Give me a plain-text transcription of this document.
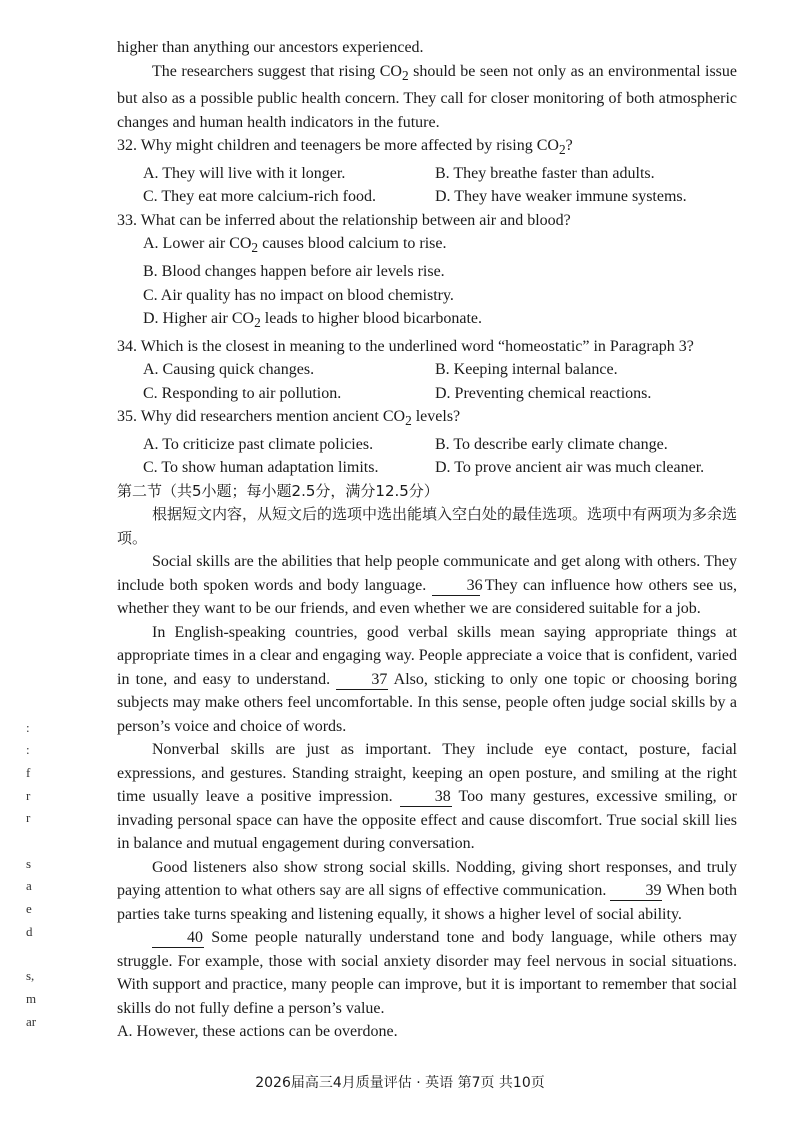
higher than anything our ancestors experienced.

The researchers suggest that rising $CO_2$ should be seen not only as an environmental issue but also as a possible public health concern. They call for closer monitoring of both atmospheric changes and human health indicators in the future.

32. Why might children and teenagers be more affected by rising $CO_2$?

A. They will live with it longer.	B. They breathe faster than adults.
C. They eat more calcium-rich food.	D. They have weaker immune systems.

33. What can be inferred about the relationship between air and blood?

A. Lower air $CO_2$ causes blood calcium to rise.

B. Blood changes happen before air levels rise.

C. Air quality has no impact on blood chemistry.

D. Higher air $CO_2$ leads to higher blood bicarbonate.

34. Which is the closest in meaning to the underlined word “homeostatic” in Paragraph 3?

A. Causing quick changes.	B. Keeping internal balance.
C. Responding to air pollution.	D. Preventing chemical reactions.

35. Why did researchers mention ancient $CO_2$ levels?

A. To criticize past climate policies.	B. To describe early climate change.
C. To show human adaptation limits.	D. To prove ancient air was much cleaner.

第二节（共5小题；每小题2.5分，满分12.5分）

根据短文内容，从短文后的选项中选出能填入空白处的最佳选项。选项中有两项为多余选项。

Social skills are the abilities that help people communicate and get along with others. They include both spoken words and body language. 36 They can influence how others see us, whether they want to be our friends, and even whether we are considered suitable for a job.

In English-speaking countries, good verbal skills mean saying appropriate things at appropriate times in a clear and engaging way. People appreciate a voice that is confident, varied in tone, and easy to understand. 37 Also, sticking to only one topic or choosing boring subjects may make others feel uncomfortable. In this sense, people often judge social skills by a person’s voice and choice of words.

Nonverbal skills are just as important. They include eye contact, posture, facial expressions, and gestures. Standing straight, keeping an open posture, and smiling at the right time usually leave a positive impression. 38 Too many gestures, excessive smiling, or invading personal space can have the opposite effect and cause discomfort. True social skill lies in balance and mutual engagement during conversation.

Good listeners also show strong social skills. Nodding, giving short responses, and truly paying attention to what others say are all signs of effective communication. 39 When both parties take turns speaking and listening equally, it shows a higher level of social ability.

40 Some people naturally understand tone and body language, while others may struggle. For example, those with social anxiety disorder may feel nervous in social situations. With support and practice, many people can improve, but it is important to remember that social skills do not fully define a person’s value.

A. However, these actions can be overdone.

:
:
f
r
r
s
a
e
d
s,
m
ar
2026届高三4月质量评估 · 英语 第7页 共10页
